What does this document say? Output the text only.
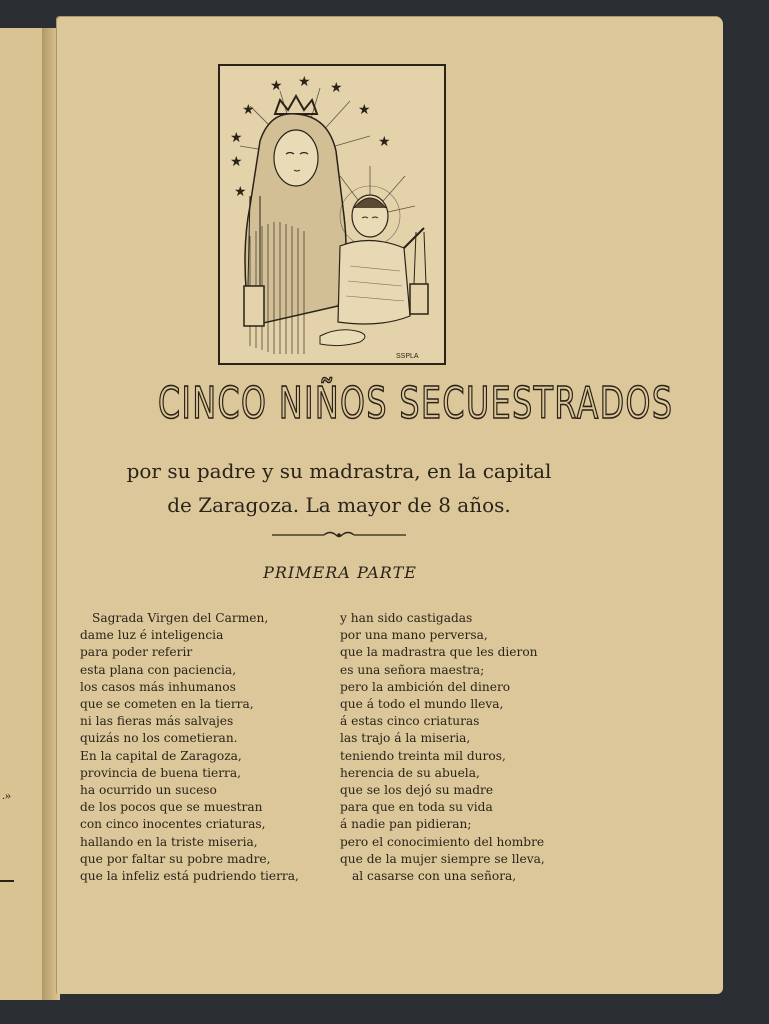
.»

★
★ ★ ★
★
★
★
★
★
SSPLA
CINCO NIÑOS SECUESTRADOS
por su padre y su madrastra, en la capital
de Zaragoza. La mayor de 8 años.
PRIMERA PARTE
Sagrada Virgen del Carmen,
dame luz é inteligencia
para poder referir
esta plana con paciencia,
los casos más inhumanos
que se cometen en la tierra,
ni las fieras más salvajes
quizás no los cometieran.
En la capital de Zaragoza,
provincia de buena tierra,
ha ocurrido un suceso
de los pocos que se muestran
con cinco inocentes criaturas,
hallando en la triste miseria,
que por faltar su pobre madre,
que la infeliz está pudriendo tierra,
y han sido castigadas
por una mano perversa,
que la madrastra que les dieron
es una señora maestra;
pero la ambición del dinero
que á todo el mundo lleva,
á estas cinco criaturas
las trajo á la miseria,
teniendo treinta mil duros,
herencia de su abuela,
que se los dejó su madre
para que en toda su vida
á nadie pan pidieran;
pero el conocimiento del hombre
que de la mujer siempre se lleva,
al casarse con una señora,
